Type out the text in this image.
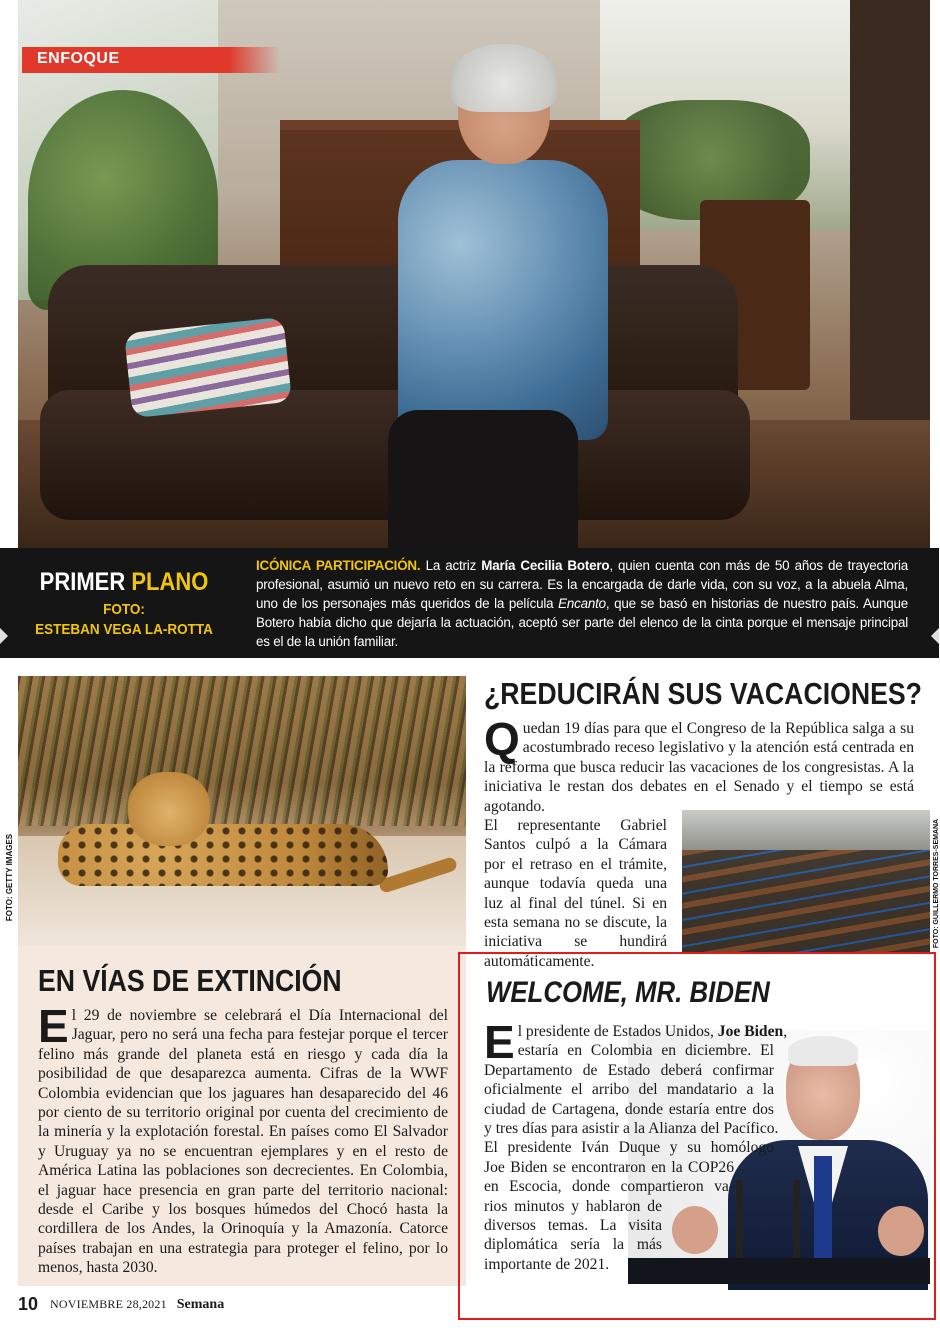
ENFOQUE
PRIMER PLANO
FOTO:
ESTEBAN VEGA LA-ROTTA
ICÓNICA PARTICIPACIÓN. La actriz María Cecilia Botero, quien cuenta con más de 50 años de trayectoria profesional, asumió un nuevo reto en su carrera. Es la encargada de darle vida, con su voz, a la abuela Alma, uno de los personajes más queridos de la película Encanto, que se basó en historias de nuestro país. Aunque Botero había dicho que dejaría la actuación, aceptó ser parte del elenco de la cinta porque el mensaje principal es el de la unión familiar.
FOTO: GETTY IMAGES
EN VÍAS DE EXTINCIÓN
El 29 de noviembre se celebrará el Día Internacional del Jaguar, pero no será una fecha para festejar porque el tercer felino más grande del planeta está en riesgo y cada día la posibilidad de que desaparezca aumenta. Cifras de la WWF Colombia evidencian que los jaguares han desaparecido del 46 por ciento de su territorio original por cuenta del crecimiento de la minería y la explotación forestal. En países como El Salvador y Uruguay ya no se encuentran ejemplares y en el resto de América Latina las poblaciones son decrecientes. En Colombia, el jaguar hace presencia en gran parte del territorio nacional: desde el Caribe y los bosques húmedos del Chocó hasta la cordillera de los Andes, la Orinoquía y la Amazonía. Catorce países trabajan en una estrategia para proteger el felino, por lo menos, hasta 2030.
¿REDUCIRÁN SUS VACACIONES?
Quedan 19 días para que el Congreso de la República salga a su acostumbrado receso legislativo y la atención está centrada en la reforma que busca reducir las vacaciones de los congresistas. A la iniciativa le restan dos debates en el Senado y el tiempo se está agotando.
El representante Gabriel Santos culpó a la Cámara por el retraso en el trámite, aunque todavía queda una luz al final del túnel. Si en esta semana no se discute, la iniciativa se hundirá automáticamente.
FOTO: GUILLERMO TORRES-SEMANA
WELCOME, MR. BIDEN
E l presidente de Estados Unidos, Joe Biden,
estaría en Colombia en diciembre. El
Departamento de Estado deberá confirmar
oficialmente el arribo del mandatario a la
ciudad de Cartagena, donde estaría entre dos
y tres días para asistir a la Alianza del Pacífico.
El presidente Iván Duque y su homólogo
Joe Biden se encontraron en la COP26
en Escocia, donde compartieron va-
rios minutos y hablaron de
diversos temas. La visita
diplomática sería la más
importante de 2021.
10 NOVIEMBRE 28,2021 Semana
